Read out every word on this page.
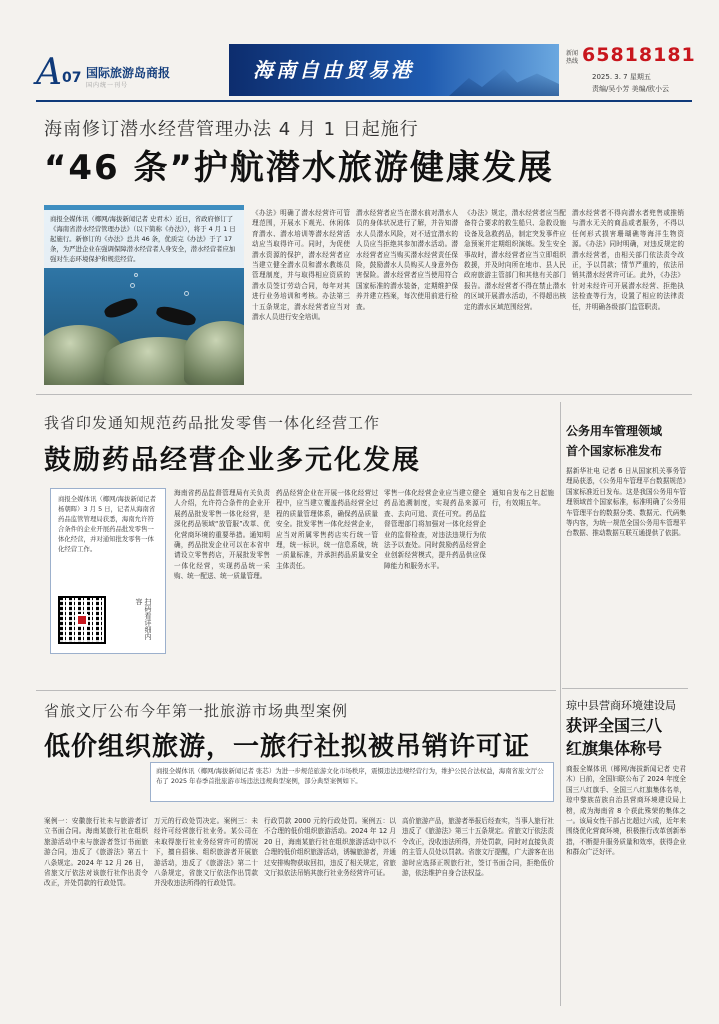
A 07 国际旅游岛商报
国内统一刊号
海南自由贸易港
新闻热线 65818181
2025. 3. 7 星期五
责编/吴小芳 美编/欧小云
海南修订潜水经营管理办法 4 月 1 日起施行
“46 条”护航潜水旅游健康发展
商报全媒体讯（椰网/海拔新闻记者 史君木）近日，省政府修订了《海南省潜水经营管理办法》（以下简称《办法》），将于 4 月 1 日起施行。新修订的《办法》总共 46 条，优质完《办法》于了 17 条，为严进企业在强调保障潜水经营者人身安全，潜水经营者应加强对生态环境保护和规范经营。
《办法》明确了潜水经营许可管理范围，开展水下观光、休闲体育潜水、潜水培训等潜水经营活动应当取得许可。同时，为促使潜水资源的保护，潜水经营者应当建立健全潜水员和潜水教练员管理制度，并与取得相应资质的潜水员签订劳动合同，每年对其进行业务培训和考核。办法第三十五条规定，潜水经营者应当对潜水人员进行安全培训。
潜水经营者应当在潜水前对潜水人员的身体状况进行了解，并告知潜水人员潜水风险，对不适宜潜水的人员应当拒绝其参加潜水活动。潜水经营者应当购买潜水经营责任保险，鼓励潜水人员购买人身意外伤害保险。潜水经营者应当使用符合国家标准的潜水装备，定期维护保养并建立档案，每次使用前进行检查。
《办法》规定，潜水经营者应当配备符合要求的救生船只、急救设施设备及急救药品，制定突发事件应急预案并定期组织演练。发生安全事故时，潜水经营者应当立即组织救援，并及时向所在地市、县人民政府旅游主管部门和其他有关部门报告。潜水经营者不得在禁止潜水的区域开展潜水活动，不得超出核定的潜水区域范围经营。
潜水经营者不得向潜水者兜售或推销与潜水无关的商品或者服务，不得以任何形式损害珊瑚礁等海洋生物资源。《办法》同时明确，对违反规定的潜水经营者，由相关部门依法责令改正，予以罚款；情节严重的，依法吊销其潜水经营许可证。此外，《办法》针对未经许可开展潜水经营、拒绝执法检查等行为，设置了相应的法律责任，并明确各级部门监管职责。
我省印发通知规范药品批发零售一体化经营工作
鼓励药品经营企业多元化发展
商报全媒体讯（椰网/海拔新闻记者 杨朝晖）3 月 5 日，记者从海南省药品监管管理局获悉，海南允许符合条件的企业开展药品批发零售一体化经营，并对通知批发零售一体化经营工作。
扫码看详细内容
海南省药品监督管理局有关负责人介绍，允许符合条件的企业开展药品批发零售一体化经营，是深化药品领域“放管服”改革、优化营商环境的重要举措。通知明确，药品批发企业可以在本省申请设立零售药店，开展批发零售一体化经营，实现药品统一采购、统一配送、统一质量管理。
药品经营企业在开展一体化经营过程中，应当建立覆盖药品经营全过程的质量管理体系，确保药品质量安全。批发零售一体化经营企业，应当对所属零售药店实行统一管理，统一标识，统一信息系统，统一质量标准，并承担药品质量安全主体责任。
零售一体化经营企业应当建立健全药品追溯制度，实现药品来源可查、去向可追、责任可究。药品监督管理部门将加强对一体化经营企业的监督检查，对违法违规行为依法予以查处。同时鼓励药品经营企业创新经营模式，提升药品供应保障能力和服务水平。
通知自发布之日起施行，有效期五年。
公务用车管理领域
首个国家标准发布
据新华社电 记者 6 日从国家机关事务管理局获悉，《公务用车管理平台数据规范》国家标准近日发布。这是我国公务用车管理领域首个国家标准，标准明确了公务用车管理平台的数据分类、数据元、代码集等内容，为统一规范全国公务用车管理平台数据、推动数据互联互通提供了依据。
省旅文厅公布今年第一批旅游市场典型案例
低价组织旅游，一旅行社拟被吊销许可证
商报全媒体讯（椰网/海拔新闻记者 张芯）为进一步规范旅游文化市场秩序，震慑违法违规经营行为，维护公民合法权益，海南省旅文厅公布了 2025 年春季首批旅游市场违法违规典型案例，部分典型案例如下。
案例一：安徽旅行社未与旅游者订立书面合同。海南某旅行社在组织旅游活动中未与旅游者签订书面旅游合同，违反了《旅游法》第五十八条规定。2024 年 12 月 26 日，省旅文厅依法对该旅行社作出责令改正，并处罚款的行政处罚。
万元的行政处罚决定。案例三：未经许可经营旅行社业务。某公司在未取得旅行社业务经营许可的情况下，擅自招徕、组织旅游者开展旅游活动，违反了《旅游法》第二十八条规定，省旅文厅依法作出罚款并没收违法所得的行政处罚。
行政罚款 2000 元的行政处罚。案例五：以不合理的低价组织旅游活动。2024 年 12 月 20 日，海南某旅行社在组织旅游活动中以不合理的低价组织旅游活动，诱骗旅游者，并通过安排购物获取回扣，违反了相关规定，省旅文厅拟依法吊销其旅行社业务经营许可证。
高价旅游产品，旅游者举报后经查实，当事人旅行社违反了《旅游法》第三十五条规定。省旅文厅依法责令改正，没收违法所得，并处罚款，同时对直接负责的主管人员处以罚款。省旅文厅提醒，广大游客在出游时应选择正规旅行社，签订书面合同，拒绝低价游，依法维护自身合法权益。
琼中县营商环境建设局
获评全国三八
红旗集体称号
商报全媒体讯（椰网/海拔新闻记者 史君木）日前，全国妇联公布了 2024 年度全国三八红旗手、全国三八红旗集体名单，琼中黎族苗族自治县营商环境建设局上榜，成为海南省 8 个获此殊荣的集体之一。该局女性干部占比超过六成，近年来围绕优化营商环境，积极推行改革创新举措，不断提升服务质量和效率，获得企业和群众广泛好评。
